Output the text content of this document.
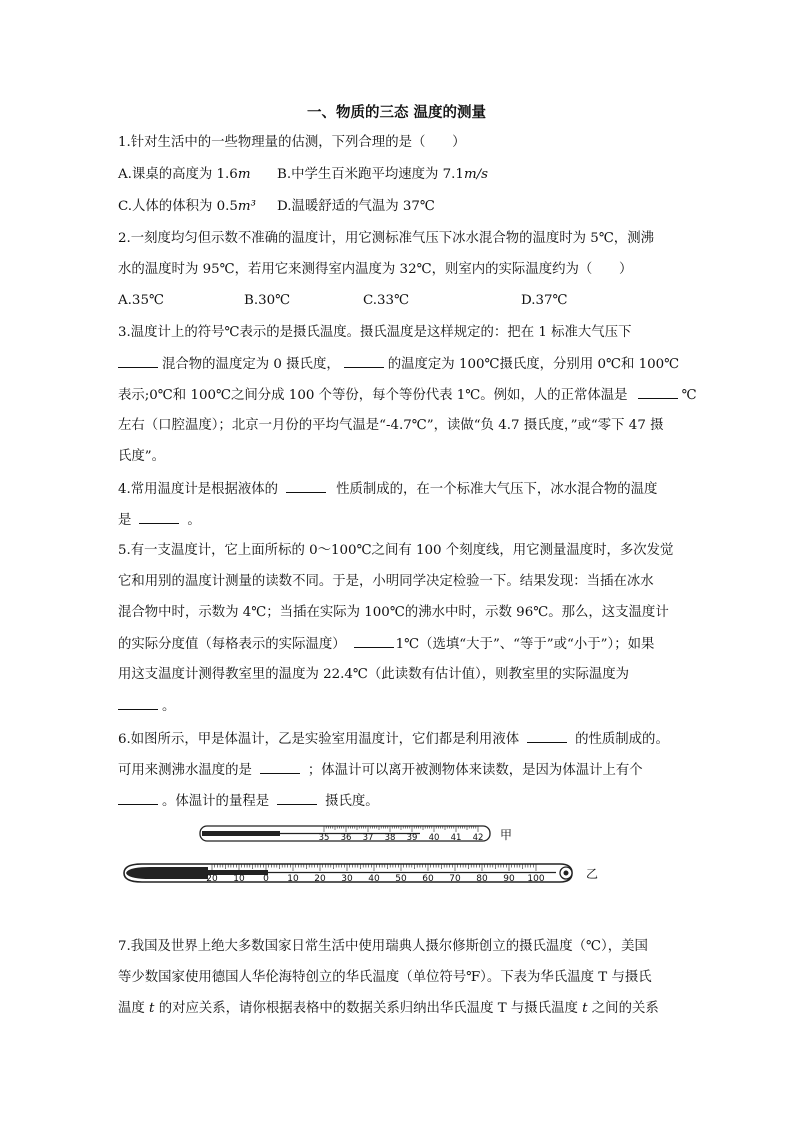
一、物质的三态 温度的测量
1.针对生活中的一些物理量的估测，下列合理的是（　　）
A.课桌的高度为 1.6m B.中学生百米跑平均速度为 7.1m/s
C.人体的体积为 0.5m³ D.温暖舒适的气温为 37℃
2.一刻度均匀但示数不准确的温度计，用它测标准气压下冰水混合物的温度时为 5℃，测沸
水的温度时为 95℃，若用它来测得室内温度为 32℃，则室内的实际温度约为（　　）
A.35℃	B.30℃	C.33℃	D.37℃
3.温度计上的符号℃表示的是摄氏温度。摄氏温度是这样规定的：把在 1 标准大气压下
混合物的温度定为 0 摄氏度，	的温度定为 100℃摄氏度，分别用 0℃和 100℃
表示;0℃和 100℃之间分成 100 个等份，每个等份代表 1℃。例如，人的正常体温是	℃
左右（口腔温度）；北京一月份的平均气温是“-4.7℃”，读做“负 4.7 摄氏度，”或“零下 47 摄
氏度”。
4.常用温度计是根据液体的	性质制成的，在一个标准大气压下，冰水混合物的温度
是	。
5.有一支温度计，它上面所标的 0～100℃之间有 100 个刻度线，用它测量温度时，多次发觉
它和用别的温度计测量的读数不同。于是，小明同学决定检验一下。结果发现：当插在冰水
混合物中时，示数为 4℃；当插在实际为 100℃的沸水中时，示数 96℃。那么，这支温度计
的实际分度值（每格表示的实际温度）	1℃（选填“大于”、“等于”或“小于”）；如果
用这支温度计测得教室里的温度为 22.4℃（此读数有估计值），则教室里的实际温度为
。
6.如图所示，甲是体温计，乙是实验室用温度计，它们都是利用液体	的性质制成的。
可用来测沸水温度的是	；体温计可以离开被测物体来读数，是因为体温计上有个
。体温计的量程是	摄氏度。
35 36 37 38 39 40 41 42 甲
20 10 0 10 20 30 40 50 60 70 80 90 100	乙
7.我国及世界上绝大多数国家日常生活中使用瑞典人摄尔修斯创立的摄氏温度（℃），美国
等少数国家使用德国人华伦海特创立的华氏温度（单位符号℉）。下表为华氏温度 T 与摄氏
温度 t 的对应关系，请你根据表格中的数据关系归纳出华氏温度 T 与摄氏温度 t 之间的关系
